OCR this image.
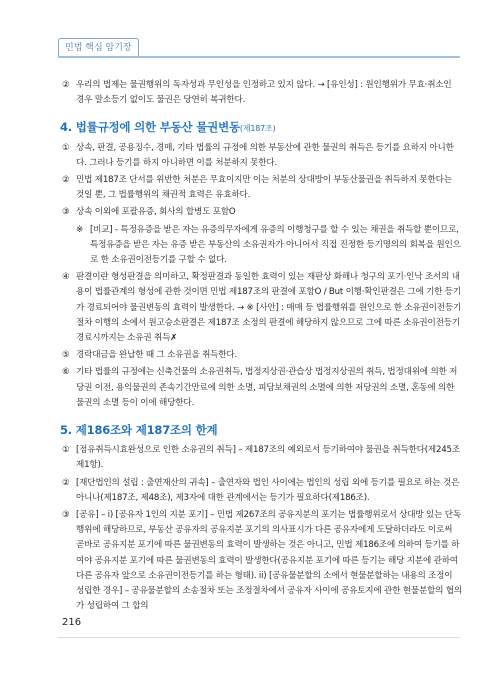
민법 핵심 암기장
② 우리의 법제는 물권행위의 독자성과 무인성을 인정하고 있지 않다. → [유인성] : 원인행위가 무효·취소인 경우 말소등기 없이도 물권은 당연히 복귀한다.
4. 법률규정에 의한 부동산 물권변동(제187조)
① 상속, 판결, 공용징수, 경매, 기타 법률의 규정에 의한 부동산에 관한 물권의 취득은 등기를 요하지 아니한다. 그러나 등기를 하지 아니하면 이를 처분하지 못한다.
② 민법 제187조 단서를 위반한 처분은 무효이지만 이는 처분의 상대방이 부동산물권을 취득하지 못한다는 것일 뿐, 그 법률행위의 채권적 효력은 유효하다.
③ 상속 이외에 포괄유증, 회사의 합병도 포함O
※ [비교] - 특정유증을 받은 자는 유증의무자에게 유증의 이행청구를 할 수 있는 채권을 취득할 뿐이므로, 특정유증을 받은 자는 유증 받은 부동산의 소유권자가 아니어서 직접 진정한 등기명의의 회복을 원인으로 한 소유권이전등기를 구할 수 없다.
④ 판결이란 형성판결을 의미하고, 확정판결과 동일한 효력이 있는 재판상 화해나 청구의 포기·인낙 조서의 내용이 법률관계의 형성에 관한 것이면 민법 제187조의 판결에 포함O / But 이행·확인판결은 그에 기한 등기가 경료되어야 물권변동의 효력이 발생한다. → ※ [사안] : 매매 등 법률행위를 원인으로 한 소유권이전등기절차 이행의 소에서 원고승소판결은 제187조 소정의 판결에 해당하지 않으므로 그에 따른 소유권이전등기 경료시까지는 소유권 취득✗
⑤ 경락대금을 완납한 때 그 소유권을 취득한다.
⑥ 기타 법률의 규정에는 신축건물의 소유권취득, 법정지상권·관습상 법정지상권의 취득, 법정대위에 의한 저당권 이전, 용익물권의 존속기간만료에 의한 소멸, 피담보채권의 소멸에 의한 저당권의 소멸, 혼동에 의한 물권의 소멸 등이 이에 해당한다.
5. 제186조와 제187조의 한계
① [점유취득시효완성으로 인한 소유권의 취득] – 제187조의 예외로서 등기하여야 물권을 취득한다(제245조 제1항).
② [재단법인의 설립 : 출연재산의 귀속] – 출연자와 법인 사이에는 법인의 성립 외에 등기를 필요로 하는 것은 아니나(제187조, 제48조), 제3자에 대한 관계에서는 등기가 필요하다(제186조).
③ [공유] – i) [공유자 1인의 지분 포기] – 민법 제267조의 공유지분의 포기는 법률행위로서 상대방 있는 단독행위에 해당하므로, 부동산 공유자의 공유지분 포기의 의사표시가 다른 공유자에게 도달하더라도 이로써 곧바로 공유지분 포기에 따른 물권변동의 효력이 발생하는 것은 아니고, 민법 제186조에 의하여 등기를 하여야 공유지분 포기에 따른 물권변동의 효력이 발생한다(공유지분 포기에 따른 등기는 해당 지분에 관하여 다른 공유자 앞으로 소유권이전등기를 하는 형태). ii) [공유물분할의 소에서 현물분할하는 내용의 조정이 성립한 경우] – 공유물분할의 소송절차 또는 조정절차에서 공유자 사이에 공유토지에 관한 현물분할의 협의가 성립하여 그 합의
216
